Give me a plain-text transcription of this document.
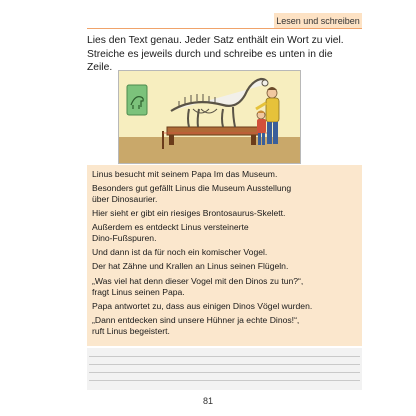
Lesen und schreiben

Lies den Text genau. Jeder Satz enthält ein Wort zu viel.
Streiche es jeweils durch und schreibe es unten in die Zeile.

Papa antwortet zu, dass aus einigen Dinos Vögel wurden.

Linus besucht mit seinem Papa Im das Museum.

Besonders gut gefällt Linus die Museum Ausstellung
über Dinosaurier.

Hier sieht er gibt ein riesiges Brontosaurus-Skelett.

Außerdem es entdeckt Linus versteinerte
Dino-Fußspuren.

Und dann ist da für noch ein komischer Vogel.

Der hat Zähne und Krallen an Linus seinen Flügeln.

„Was viel hat denn dieser Vogel mit den Dinos zu tun?“,
fragt Linus seinen Papa.

81

„Dann entdecken sind unsere Hühner ja echte Dinos!“,
ruft Linus begeistert.
